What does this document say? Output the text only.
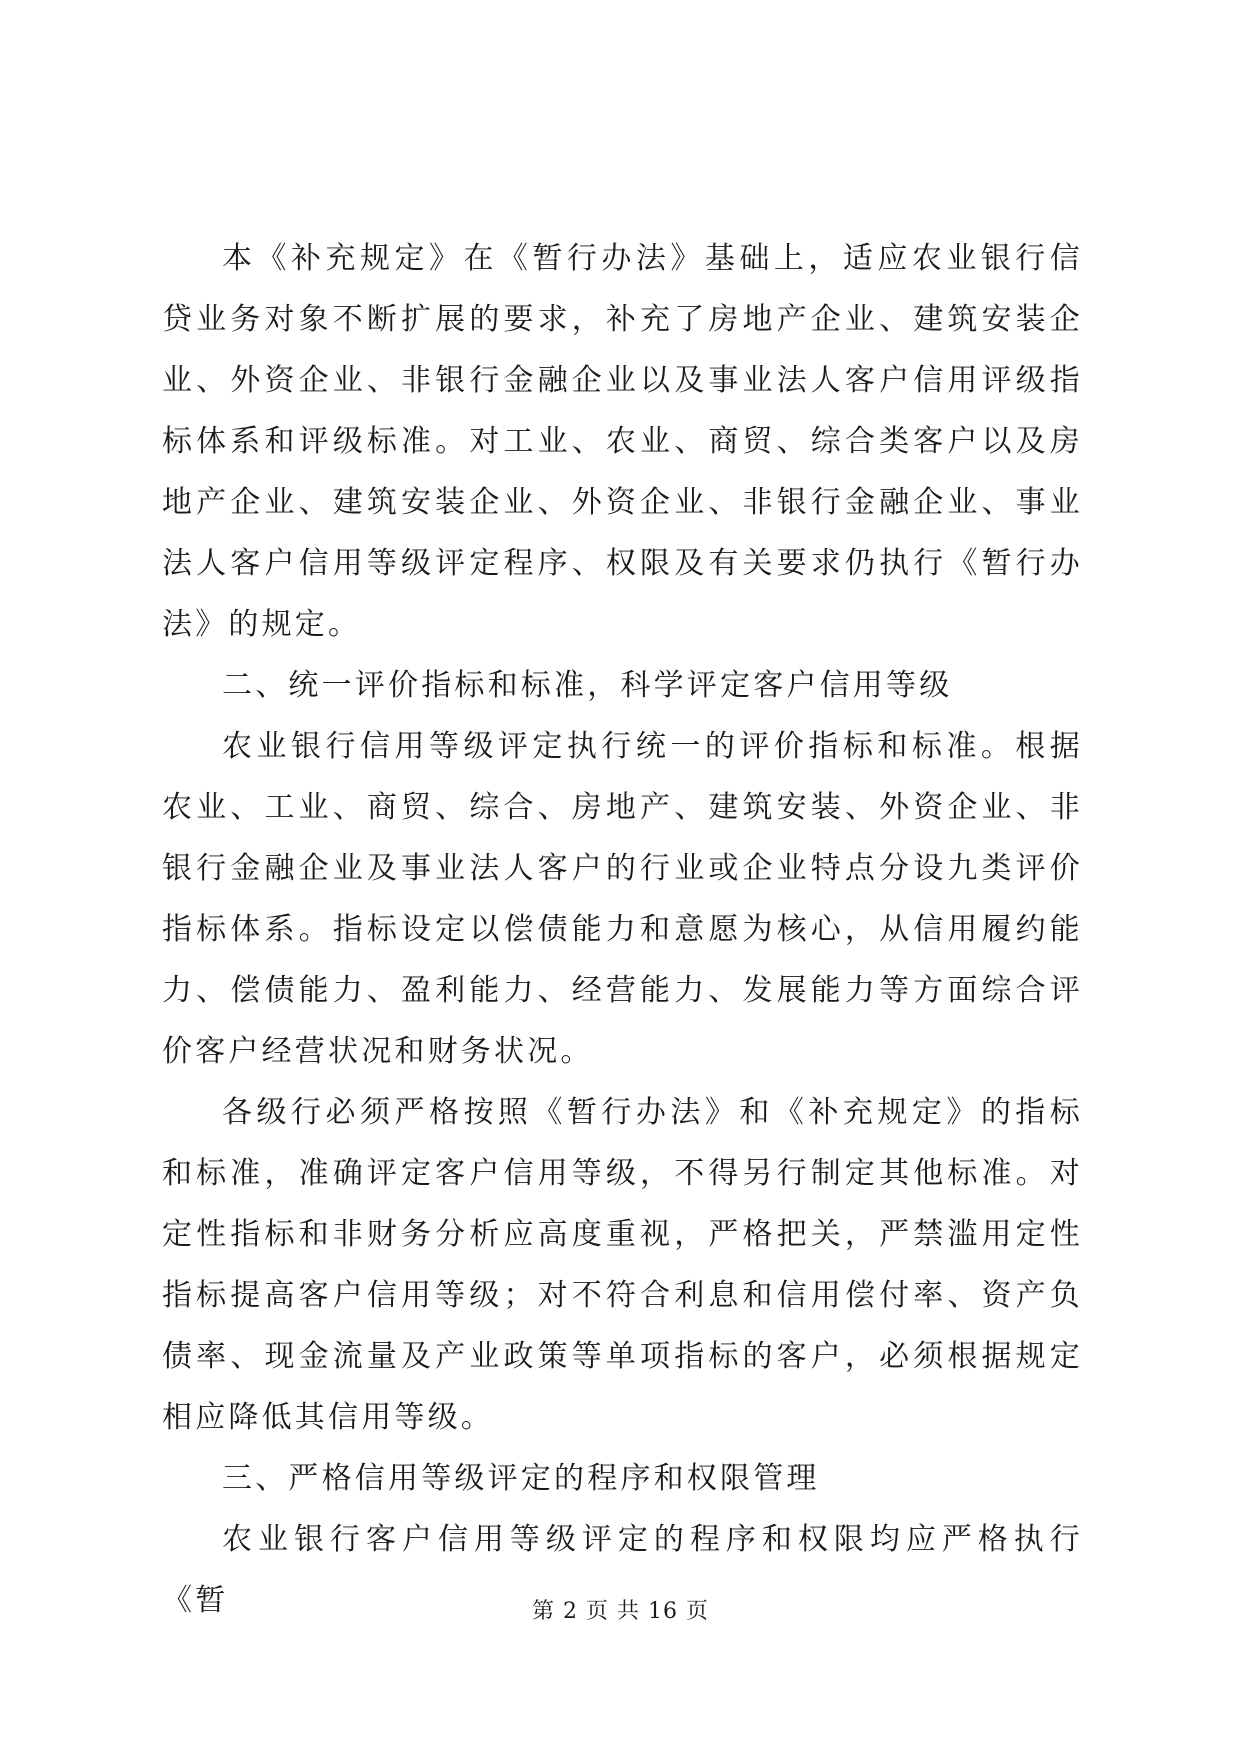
本《补充规定》在《暂行办法》基础上，适应农业银行信贷业务对象不断扩展的要求，补充了房地产企业、建筑安装企业、外资企业、非银行金融企业以及事业法人客户信用评级指标体系和评级标准。对工业、农业、商贸、综合类客户以及房地产企业、建筑安装企业、外资企业、非银行金融企业、事业法人客户信用等级评定程序、权限及有关要求仍执行《暂行办法》的规定。

二、统一评价指标和标准，科学评定客户信用等级

农业银行信用等级评定执行统一的评价指标和标准。根据农业、工业、商贸、综合、房地产、建筑安装、外资企业、非银行金融企业及事业法人客户的行业或企业特点分设九类评价指标体系。指标设定以偿债能力和意愿为核心，从信用履约能力、偿债能力、盈利能力、经营能力、发展能力等方面综合评价客户经营状况和财务状况。

各级行必须严格按照《暂行办法》和《补充规定》的指标和标准，准确评定客户信用等级，不得另行制定其他标准。对定性指标和非财务分析应高度重视，严格把关，严禁滥用定性指标提高客户信用等级；对不符合利息和信用偿付率、资产负债率、现金流量及产业政策等单项指标的客户，必须根据规定相应降低其信用等级。

三、严格信用等级评定的程序和权限管理

农业银行客户信用等级评定的程序和权限均应严格执行《暂	第 2 页 共 16 页
